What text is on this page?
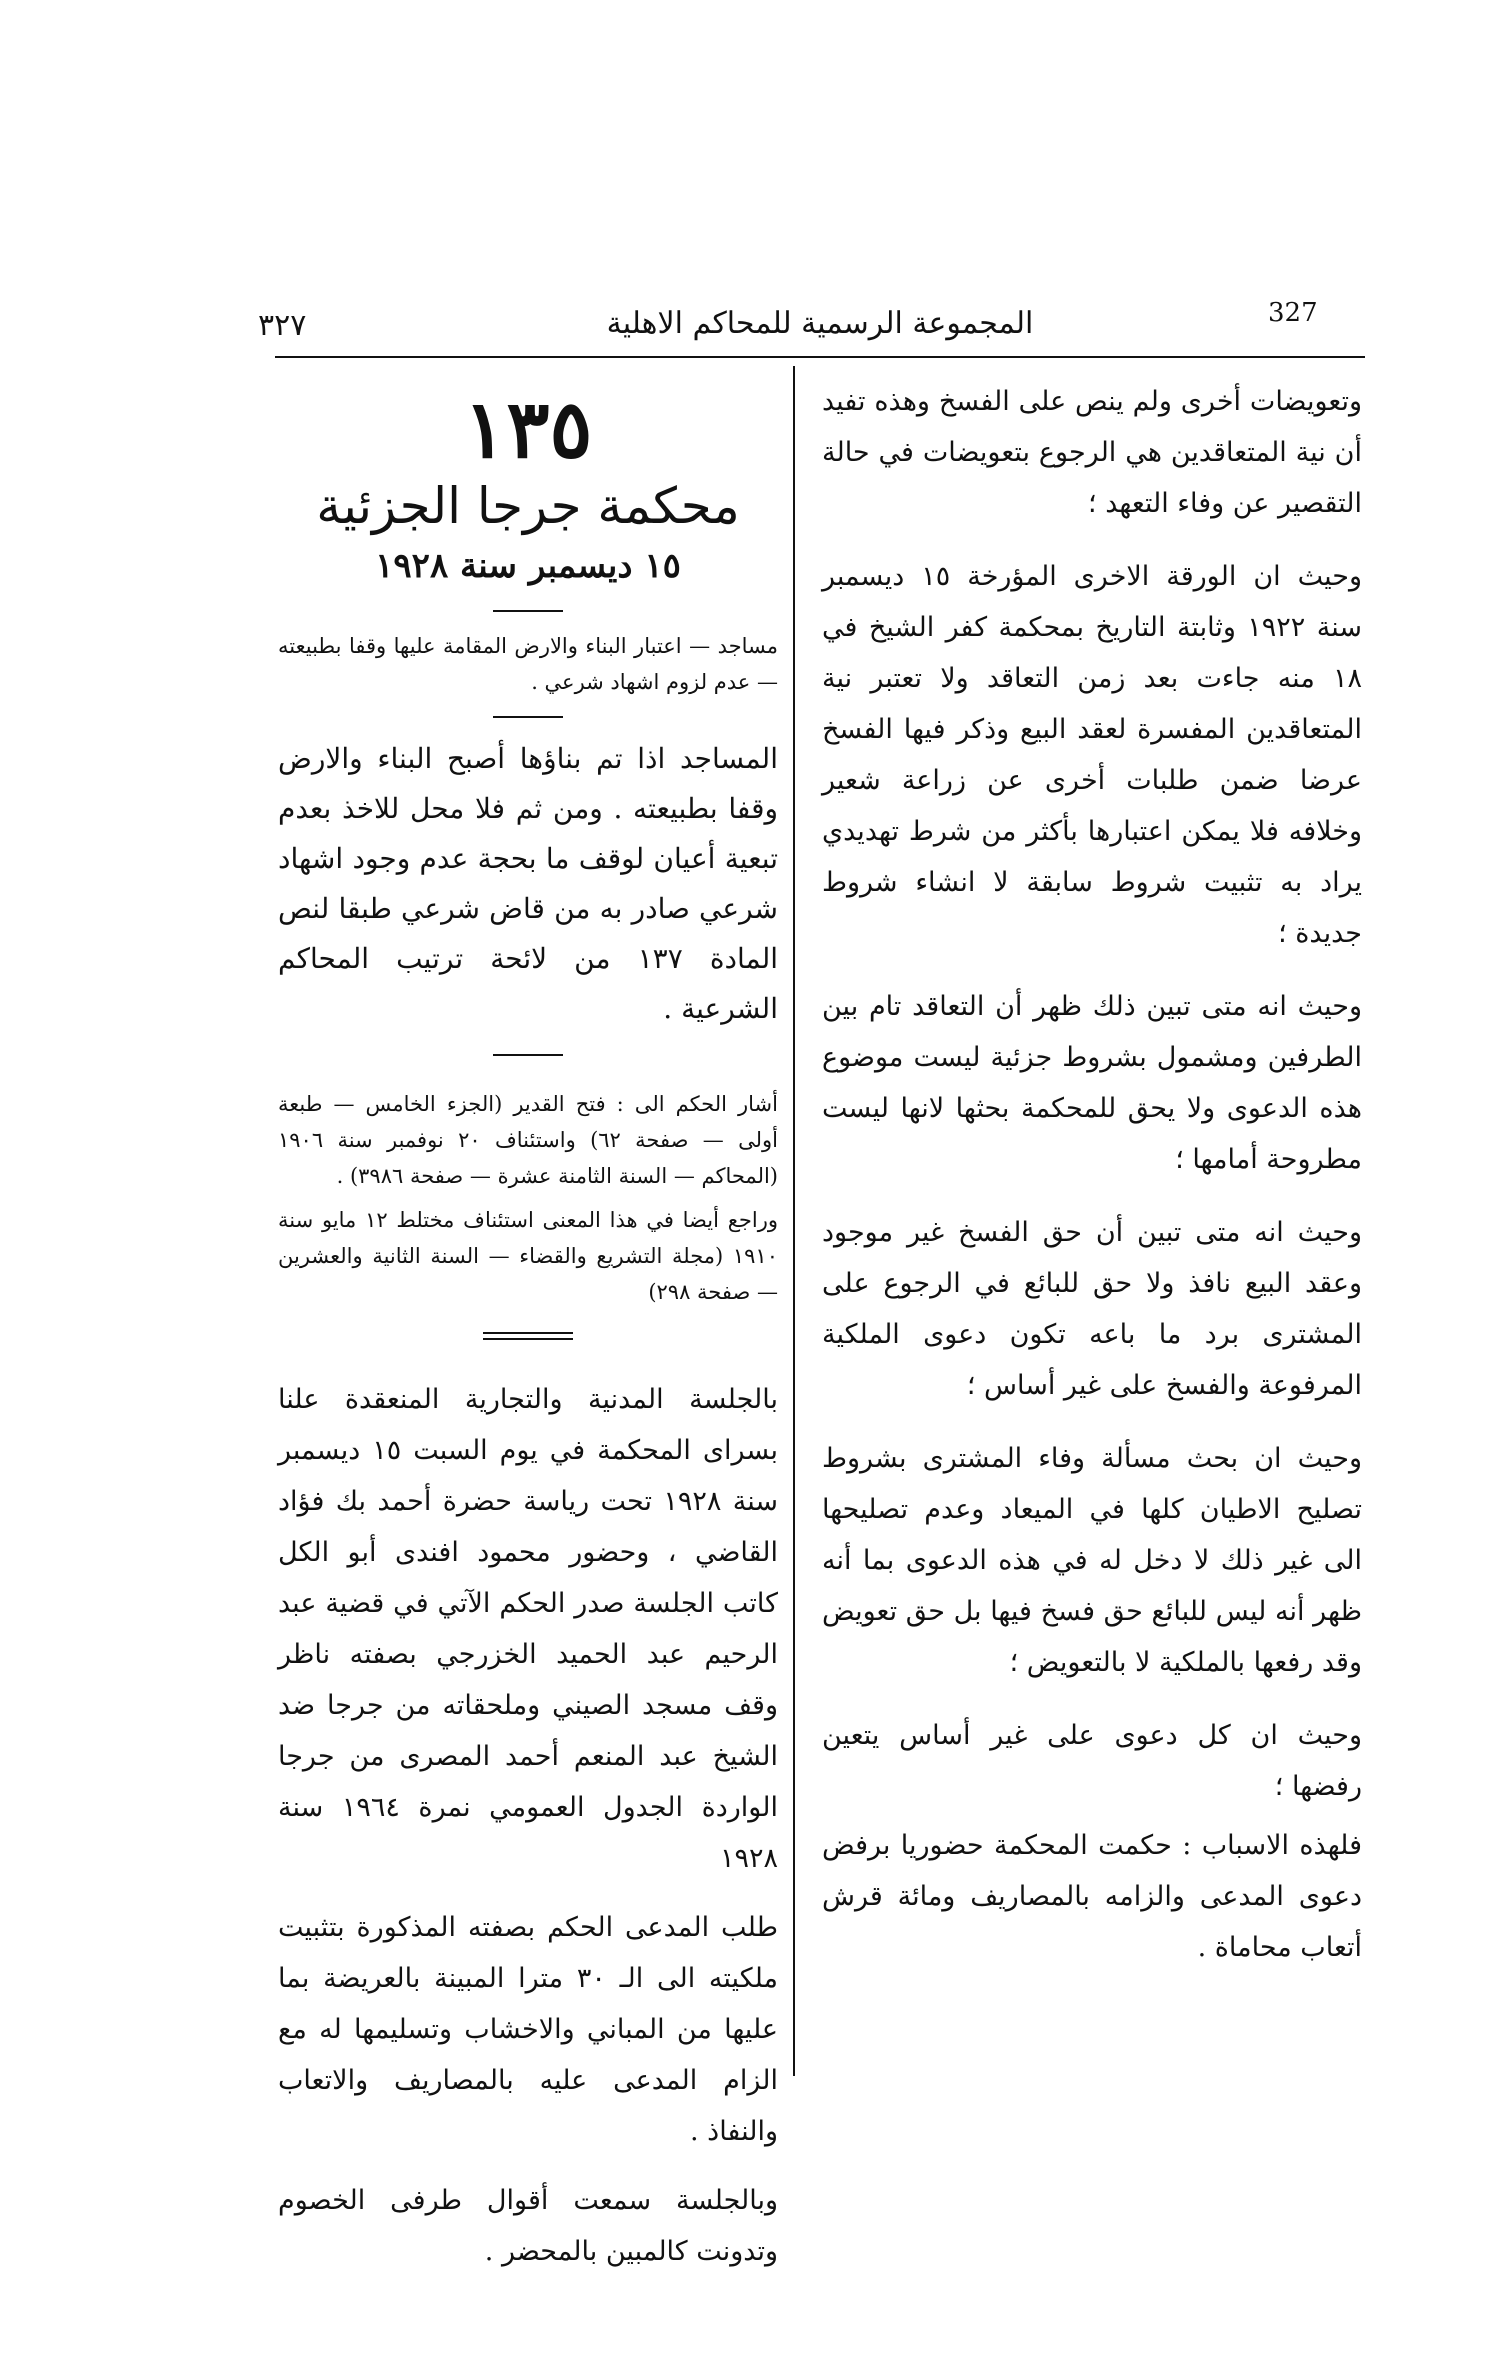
٣٢٧	المجموعة الرسمية للمحاكم الاهلية	327

وتعويضات أخرى ولم ينص على الفسخ وهذه تفيد أن نية المتعاقدين هي الرجوع بتعويضات في حالة التقصير عن وفاء التعهد ؛

وحيث ان الورقة الاخرى المؤرخة ١٥ ديسمبر سنة ١٩٢٢ وثابتة التاريخ بمحكمة كفر الشيخ في ١٨ منه جاءت بعد زمن التعاقد ولا تعتبر نية المتعاقدين المفسرة لعقد البيع وذكر فيها الفسخ عرضا ضمن طلبات أخرى عن زراعة شعير وخلافه فلا يمكن اعتبارها بأكثر من شرط تهديدي يراد به تثبيت شروط سابقة لا انشاء شروط جديدة ؛

وحيث انه متى تبين ذلك ظهر أن التعاقد تام بين الطرفين ومشمول بشروط جزئية ليست موضوع هذه الدعوى ولا يحق للمحكمة بحثها لانها ليست مطروحة أمامها ؛

وحيث انه متى تبين أن حق الفسخ غير موجود وعقد البيع نافذ ولا حق للبائع في الرجوع على المشترى برد ما باعه تكون دعوى الملكية المرفوعة والفسخ على غير أساس ؛

وحيث ان بحث مسألة وفاء المشترى بشروط تصليح الاطيان كلها في الميعاد وعدم تصليحها الى غير ذلك لا دخل له في هذه الدعوى بما أنه ظهر أنه ليس للبائع حق فسخ فيها بل حق تعويض وقد رفعها بالملكية لا بالتعويض ؛

وحيث ان كل دعوى على غير أساس يتعين رفضها ؛

فلهذه الاسباب : حكمت المحكمة حضوريا برفض دعوى المدعى والزامه بالمصاريف ومائة قرش أتعاب محاماة .

١٣٥

محكمة جرجا الجزئية

١٥ ديسمبر سنة ١٩٢٨

مساجد — اعتبار البناء والارض المقامة عليها وقفا بطبيعته — عدم لزوم اشهاد شرعي .

المساجد اذا تم بناؤها أصبح البناء والارض وقفا بطبيعته . ومن ثم فلا محل للاخذ بعدم تبعية أعيان لوقف ما بحجة عدم وجود اشهاد شرعي صادر به من قاض شرعي طبقا لنص المادة ١٣٧ من لائحة ترتيب المحاكم الشرعية .

أشار الحكم الى : فتح القدير (الجزء الخامس — طبعة أولى — صفحة ٦٢) واستئناف ٢٠ نوفمبر سنة ١٩٠٦ (المحاكم — السنة الثامنة عشرة — صفحة ٣٩٨٦) .

وراجع أيضا في هذا المعنى استئناف مختلط ١٢ مايو سنة ١٩١٠ (مجلة التشريع والقضاء — السنة الثانية والعشرين — صفحة ٢٩٨)

بالجلسة المدنية والتجارية المنعقدة علنا بسراى المحكمة في يوم السبت ١٥ ديسمبر سنة ١٩٢٨ تحت رياسة حضرة أحمد بك فؤاد القاضي ، وحضور محمود افندى أبو الكل كاتب الجلسة صدر الحكم الآتي في قضية عبد الرحيم عبد الحميد الخزرجي بصفته ناظر وقف مسجد الصيني وملحقاته من جرجا ضد الشيخ عبد المنعم أحمد المصرى من جرجا الواردة الجدول العمومي نمرة ١٩٦٤ سنة ١٩٢٨

طلب المدعى الحكم بصفته المذكورة بتثبيت ملكيته الى الـ ٣٠ مترا المبينة بالعريضة بما عليها من المباني والاخشاب وتسليمها له مع الزام المدعى عليه بالمصاريف والاتعاب والنفاذ .

وبالجلسة سمعت أقوال طرفى الخصوم وتدونت كالمبين بالمحضر .
